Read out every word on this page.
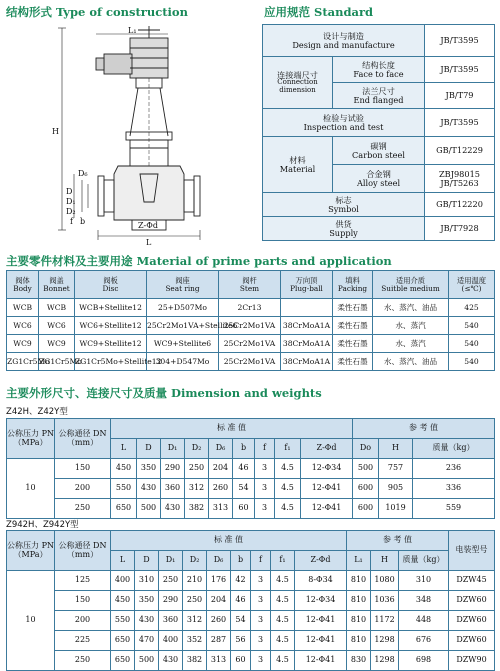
结构形式 Type of construction	应用规范 Standard
L₁
H
D
D₁
D₂
D₆
f b	Z-Φd
L
设计与制造
Design and manufacture		JB/T3595

连接端尺寸
Connection dimension	结构长度
Face to face	JB/T3595

	法兰尺寸
End flanged	JB/T79

检验与试验
Inspection and test		JB/T3595

材料
Material	碳钢
Carbon steel	GB/T12229

	合金钢
Alloy steel	ZBJ98015
JB/T5263

标志
Symbol		GB/T12220

供货
Supply		JB/T7928
主要零件材料及主要用途 Material of prime parts and application
阀体
Body	阀盖
Bonnet	阀板
Disc	阀座
Seat ring	阀杆
Stem	万向顶
Plug-ball	填料
Packing	适用介质
Suitble medium	适用温度
(≤℃)

WCB	WCB	WCB+Stellite12	25+D507Mo	2Cr13		柔性石墨	水、蒸汽、油品	425
WC6	WC6	WC6+Stellite12	25Cr2Mo1VA+Stellite6	25Cr2Mo1VA	38CrMoA1A	柔性石墨	水、蒸汽	540
WC9	WC9	WC9+Stellite12	WC9+Stellite6	25Cr2Mo1VA	38CrMoA1A	柔性石墨	水、蒸汽	540
ZG1Cr5Mo	ZG1Cr5Mo	ZG1Cr5Mo+Stellite12	304+D547Mo	25Cr2Mo1VA	38CrMoA1A	柔性石墨	水、蒸汽、油品	540
主要外形尺寸、连接尺寸及质量 Dimension and weights
Z42H、Z42Y型
公称压力 PN（MPa）	公称通径 DN（mm）	标 准 值									参 考 值		
		L	D	D₁	D₂	D₆	b	f	f₁	Z-Φd	Do	H	质量（kg）
10	150	450	350	290	250	204	46	3	4.5	12-Φ34	500	757	236
	200	550	430	360	312	260	54	3	4.5	12-Φ41	600	905	336
	250	650	500	430	382	313	60	3	4.5	12-Φ41	600	1019	559
Z942H、Z942Y型
公称压力 PN（MPa）	公称通径 DN（mm）	标 准 值									参 考 值			电装型号
		L	D	D₁	D₂	D₆	b	f	f₁	Z-Φd	L₁	H	质量（kg）	
10	125	400	310	250	210	176	42	3	4.5	8-Φ34	810	1080	310	DZW45
	150	450	350	290	250	204	46	3	4.5	12-Φ34	810	1036	348	DZW60
	200	550	430	360	312	260	54	3	4.5	12-Φ41	810	1172	448	DZW60
	225	650	470	400	352	287	56	3	4.5	12-Φ41	810	1298	676	DZW60
	250	650	500	430	382	313	60	3	4.5	12-Φ41	830	1298	698	DZW90
